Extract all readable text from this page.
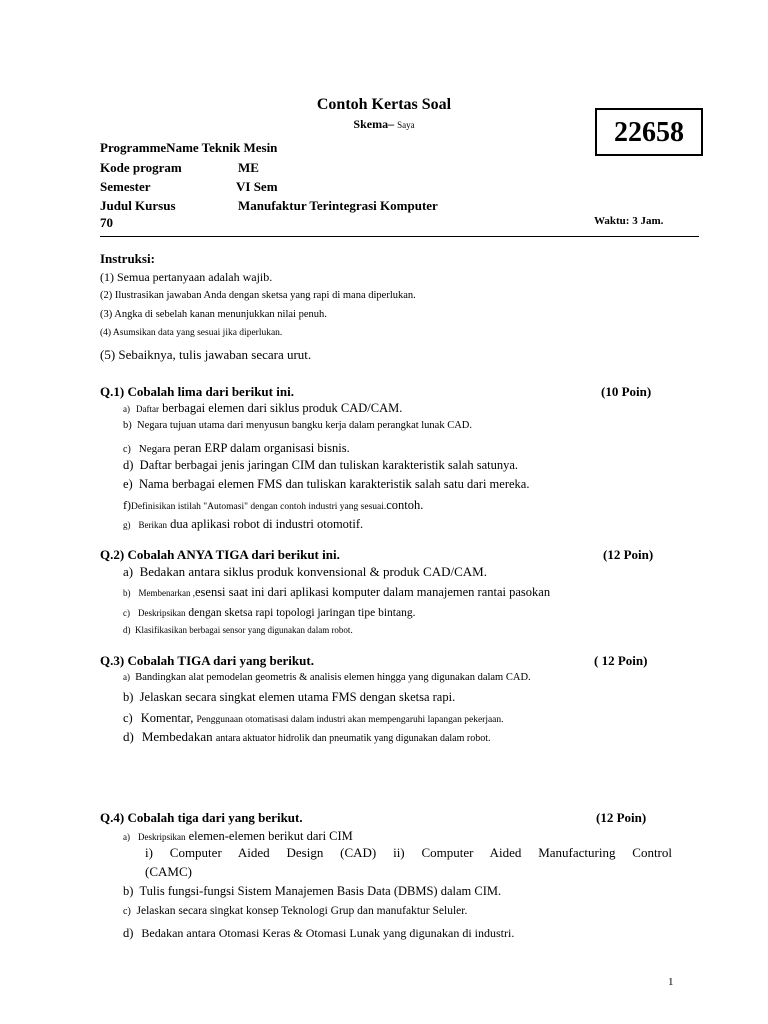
Contoh Kertas Soal
Skema– Saya	22658
ProgrammeName Teknik Mesin
Kode program	ME
Semester	VI Sem
Judul Kursus	Manufaktur Terintegrasi Komputer
70	Waktu: 3 Jam.
Instruksi:
(1) Semua pertanyaan adalah wajib.
(2) Ilustrasikan jawaban Anda dengan sketsa yang rapi di mana diperlukan.
(3) Angka di sebelah kanan menunjukkan nilai penuh.
(4) Asumsikan data yang sesuai jika diperlukan.
(5) Sebaiknya, tulis jawaban secara urut.
Q.1) Cobalah lima dari berikut ini.	(10 Poin)
a) Daftar berbagai elemen dari siklus produk CAD/CAM.
b) Negara tujuan utama dari menyusun bangku kerja dalam perangkat lunak CAD.
c) Negara peran ERP dalam organisasi bisnis.
d) Daftar berbagai jenis jaringan CIM dan tuliskan karakteristik salah satunya.
e) Nama berbagai elemen FMS dan tuliskan karakteristik salah satu dari mereka.
f)Definisikan istilah "Automasi" dengan contoh industri yang sesuai.contoh.
g) Berikan dua aplikasi robot di industri otomotif.
Q.2) Cobalah ANYA TIGA dari berikut ini.	(12 Poin)
a) Bedakan antara siklus produk konvensional & produk CAD/CAM.
b) Membenarkan ,esensi saat ini dari aplikasi komputer dalam manajemen rantai pasokan
c) Deskripsikan dengan sketsa rapi topologi jaringan tipe bintang.
d) Klasifikasikan berbagai sensor yang digunakan dalam robot.
Q.3) Cobalah TIGA dari yang berikut.	( 12 Poin)
a) Bandingkan alat pemodelan geometris & analisis elemen hingga yang digunakan dalam CAD.
b) Jelaskan secara singkat elemen utama FMS dengan sketsa rapi.
c) Komentar, Penggunaan otomatisasi dalam industri akan mempengaruhi lapangan pekerjaan.
d) Membedakan antara aktuator hidrolik dan pneumatik yang digunakan dalam robot.
Q.4) Cobalah tiga dari yang berikut.	(12 Poin)
a) Deskripsikan elemen-elemen berikut dari CIM
i) Computer Aided Design (CAD) ii) Computer Aided Manufacturing Control
(CAMC)
b) Tulis fungsi-fungsi Sistem Manajemen Basis Data (DBMS) dalam CIM.
c) Jelaskan secara singkat konsep Teknologi Grup dan manufaktur Seluler.
d) Bedakan antara Otomasi Keras & Otomasi Lunak yang digunakan di industri.
1
